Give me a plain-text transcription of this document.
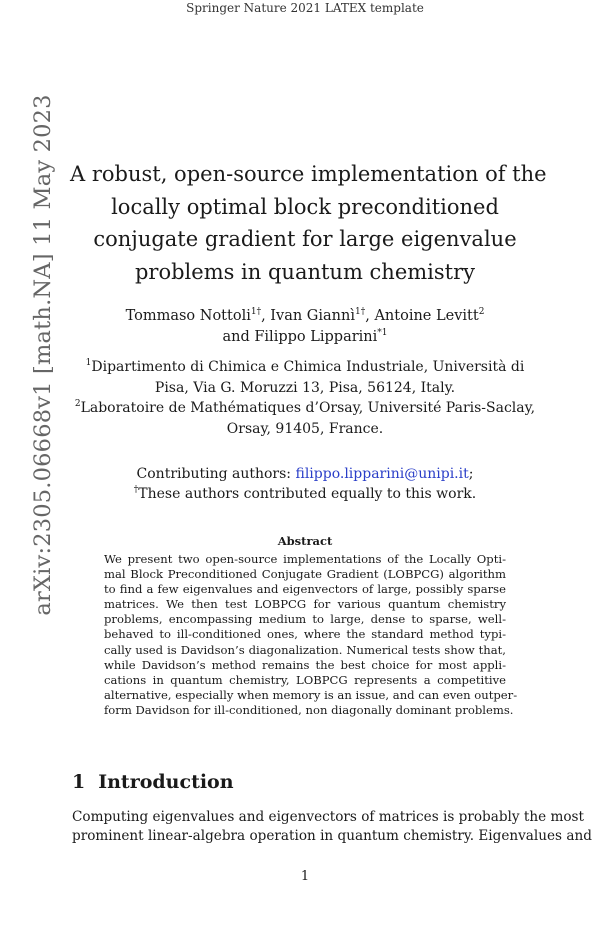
Springer Nature 2021 LATEX template
arXiv:2305.06668v1 [math.NA] 11 May 2023 A robust, open-source implementation of the
locally optimal block preconditioned
conjugate gradient for large eigenvalue
problems in quantum chemistry
Tommaso Nottoli$^{1\dagger}$, Ivan Giannì$^{1\dagger}$, Antoine Levitt$^2$
and Filippo Lipparini$^{*1}$
$^1$Dipartimento di Chimica e Chimica Industriale, Università di
Pisa, Via G. Moruzzi 13, Pisa, 56124, Italy.
$^2$Laboratoire de Mathématiques d’Orsay, Université Paris-Saclay,
Orsay, 91405, France.
Contributing authors: filippo.lipparini@unipi.it;
†These authors contributed equally to this work.
Abstract
We present two open-source implementations of the Locally Opti-
mal Block Preconditioned Conjugate Gradient (LOBPCG) algorithm
to find a few eigenvalues and eigenvectors of large, possibly sparse
matrices. We then test LOBPCG for various quantum chemistry
problems, encompassing medium to large, dense to sparse, well-
behaved to ill-conditioned ones, where the standard method typi-
cally used is Davidson’s diagonalization. Numerical tests show that,
while Davidson’s method remains the best choice for most appli-
cations in quantum chemistry, LOBPCG represents a competitive
alternative, especially when memory is an issue, and can even outper-
form Davidson for ill-conditioned, non diagonally dominant problems.
1 Introduction
Computing eigenvalues and eigenvectors of matrices is probably the most
prominent linear-algebra operation in quantum chemistry. Eigenvalues and
1
